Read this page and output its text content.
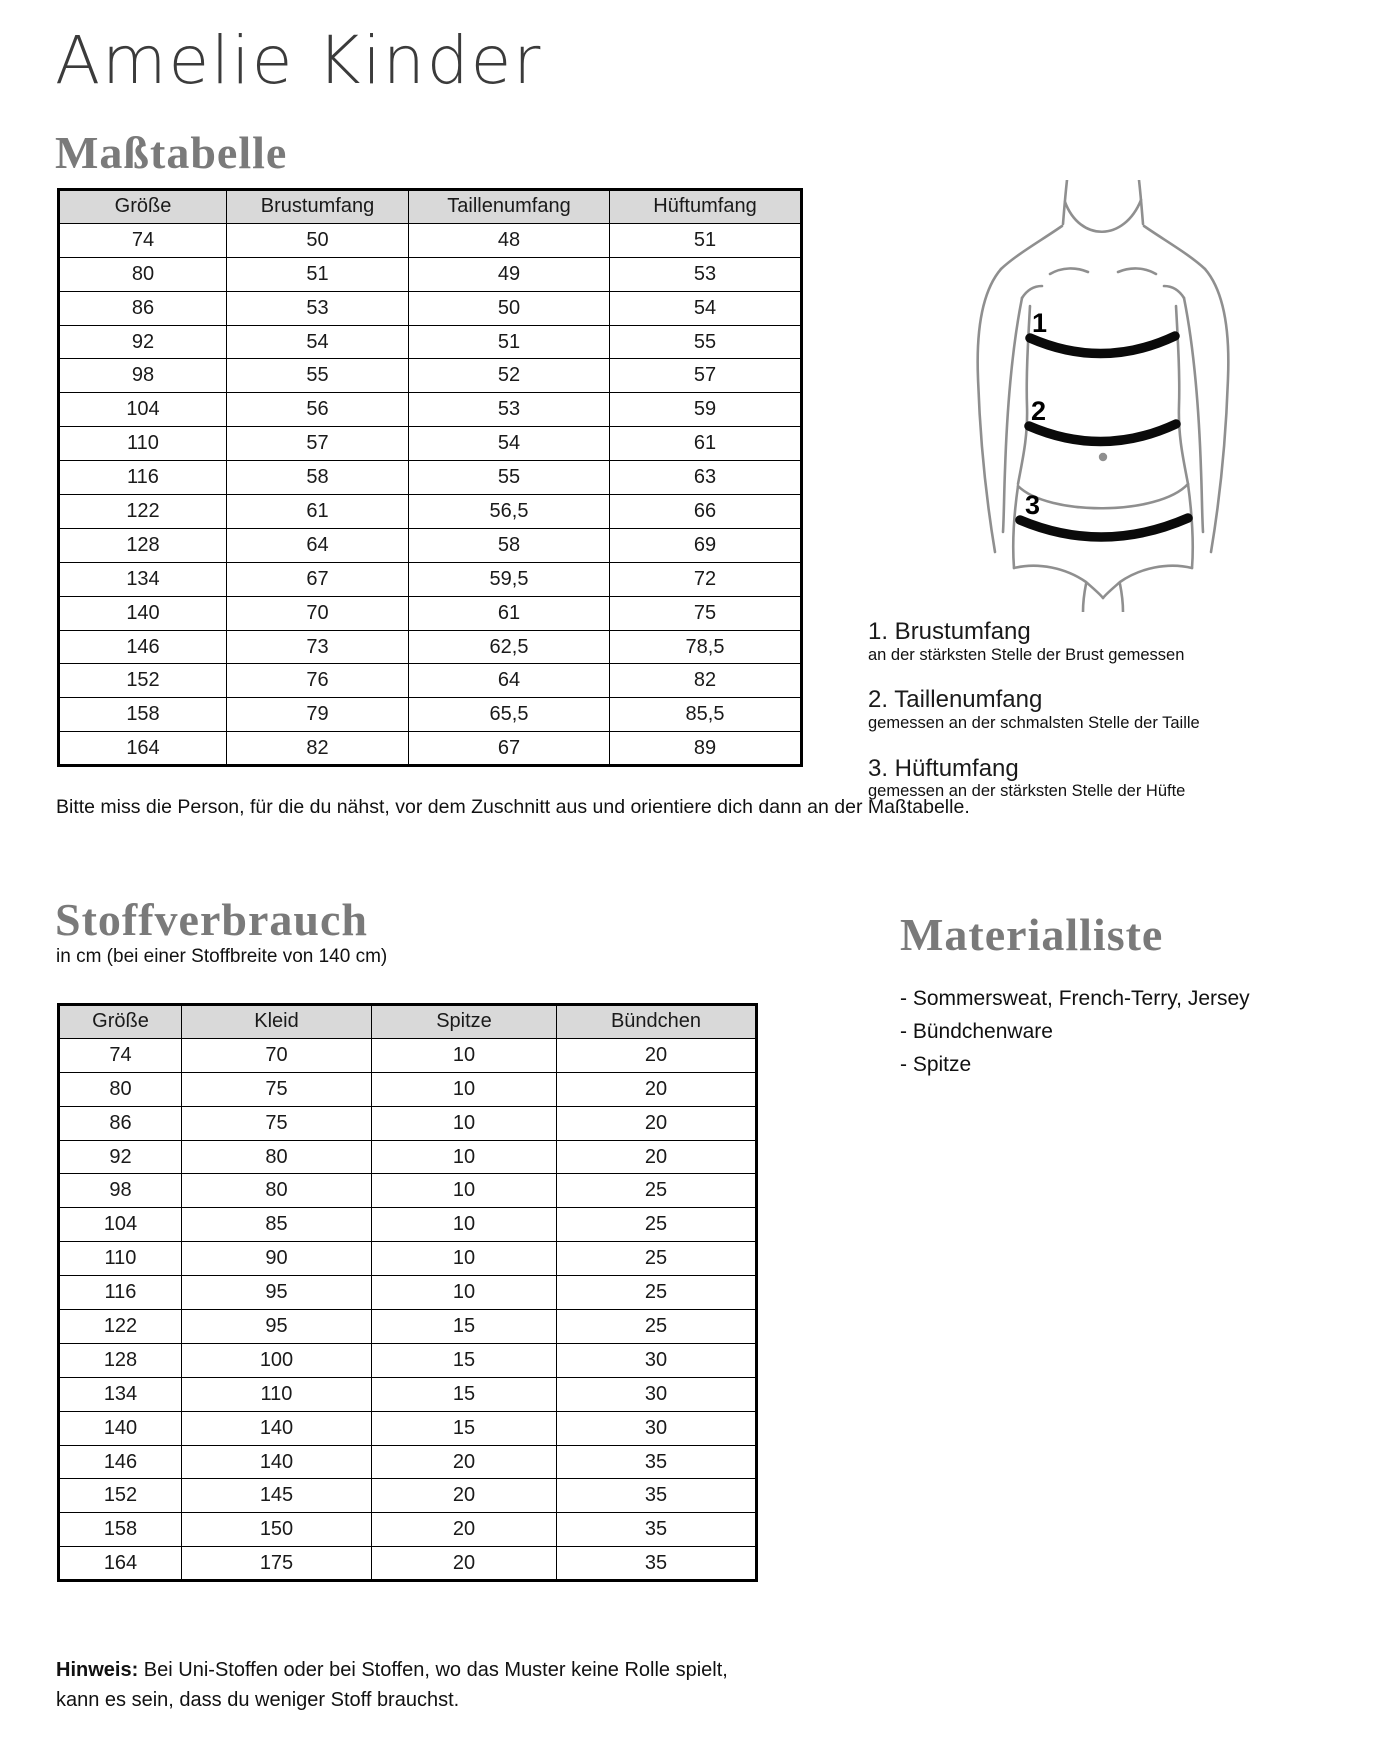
Amelie Kinder
Maßtabelle
Größe	Brustumfang	Taillenumfang	Hüftumfang
74	50	48	51
80	51	49	53
86	53	50	54
92	54	51	55
98	55	52	57
104	56	53	59
110	57	54	61
116	58	55	63
122	61	56,5	66
128	64	58	69
134	67	59,5	72
140	70	61	75
146	73	62,5	78,5
152	76	64	82
158	79	65,5	85,5
164	82	67	89
1
2
3
1. Brustumfang
an der stärksten Stelle der Brust gemessen
2. Taillenumfang
gemessen an der schmalsten Stelle der Taille
3. Hüftumfang
gemessen an der stärksten Stelle der Hüfte

Bitte miss die Person, für die du nähst, vor dem Zuschnitt aus und orientiere dich dann an der Maßtabelle.

Stoffverbrauch

in cm (bei einer Stoffbreite von 140 cm)	Materialliste
- Sommersweat, French-Terry, Jersey
- Bündchenware
- Spitze
Größe	Kleid	Spitze	Bündchen
74	70	10	20
80	75	10	20
86	75	10	20
92	80	10	20
98	80	10	25
104	85	10	25
110	90	10	25
116	95	10	25
122	95	15	25
128	100	15	30
134	110	15	30
140	140	15	30
146	140	20	35
152	145	20	35
158	150	20	35
164	175	20	35

Hinweis: Bei Uni-Stoffen oder bei Stoffen, wo das Muster keine Rolle spielt, kann es sein, dass du weniger Stoff brauchst.
